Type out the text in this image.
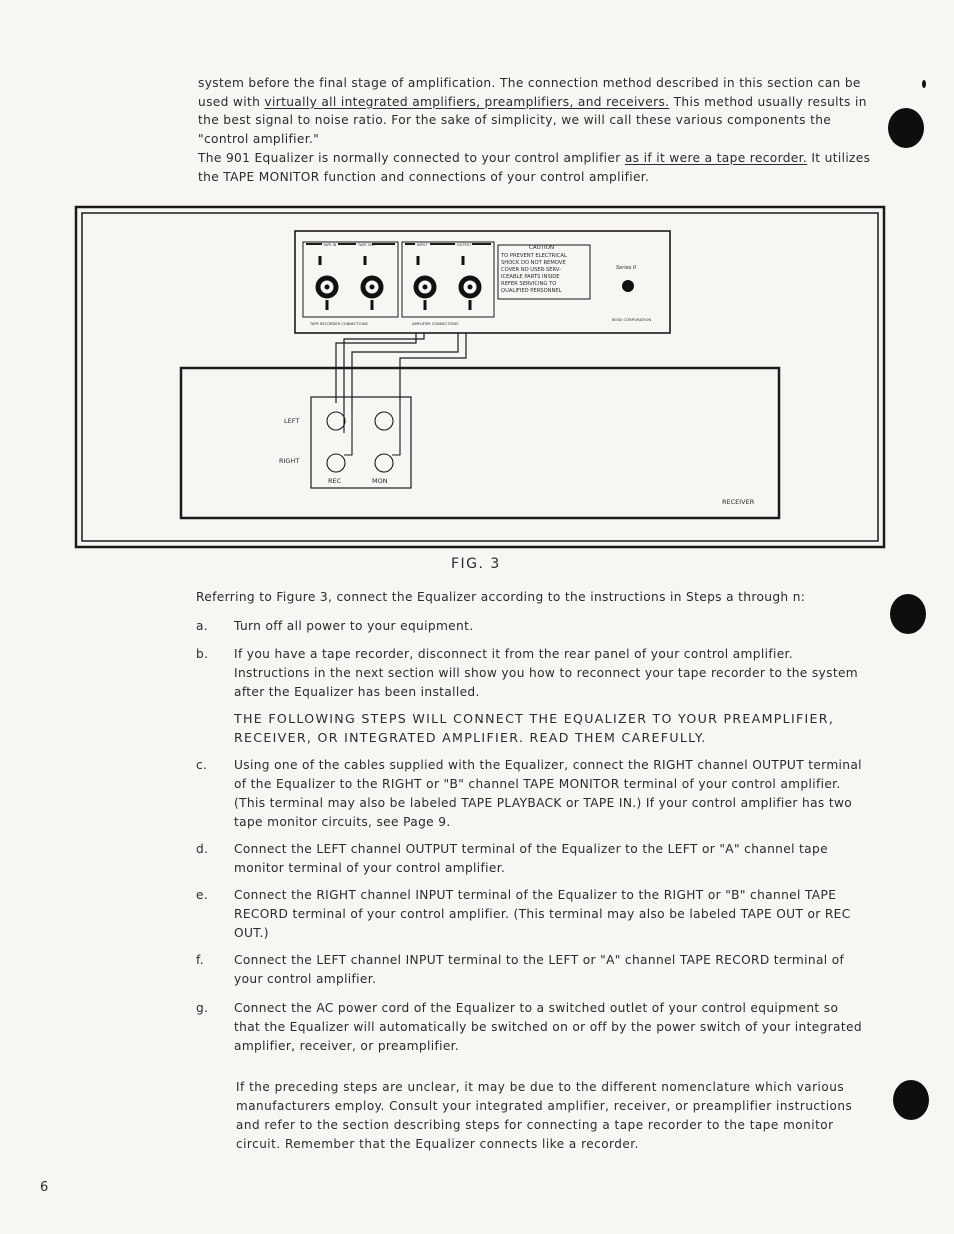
system before the final stage of amplification. The connection method described in this section can be used with virtually all integrated amplifiers, preamplifiers, and receivers. This method usually results in the best signal to noise ratio. For the sake of simplicity, we will call these various components the "control amplifier."

The 901 Equalizer is normally connected to your control amplifier as if it were a tape recorder. It utilizes the TAPE MONITOR function and connections of your control amplifier.

TAPE IN	TAPE OUT	INPUT	OUTPUT	CAUTION
TO PREVENT ELECTRICAL
SHOCK DO NOT REMOVE
COVER NO USER-SERV-
ICEABLE PARTS INSIDE
REFER SERVICING TO
QUALIFIED PERSONNEL
Series II
BOSE CORPORATION
TAPE RECORDER CONNECTIONS	AMPLIFIER CONNECTIONS
LEFT
RIGHT
REC	MON
RECEIVER
FIG. 3

Referring to Figure 3, connect the Equalizer according to the instructions in Steps a through n:

a. Turn off all power to your equipment.
b. If you have a tape recorder, disconnect it from the rear panel of your control amplifier. Instructions in the next section will show you how to reconnect your tape recorder to the system after the Equalizer has been installed.
THE FOLLOWING STEPS WILL CONNECT THE EQUALIZER TO YOUR PREAMPLIFIER, RECEIVER, OR INTEGRATED AMPLIFIER. READ THEM CAREFULLY.
c. Using one of the cables supplied with the Equalizer, connect the RIGHT channel OUTPUT terminal of the Equalizer to the RIGHT or "B" channel TAPE MONITOR terminal of your control amplifier. (This terminal may also be labeled TAPE PLAYBACK or TAPE IN.) If your control amplifier has two tape monitor circuits, see Page 9.
d. Connect the LEFT channel OUTPUT terminal of the Equalizer to the LEFT or "A" channel tape monitor terminal of your control amplifier.
e. Connect the RIGHT channel INPUT terminal of the Equalizer to the RIGHT or "B" channel TAPE RECORD terminal of your control amplifier. (This terminal may also be labeled TAPE OUT or REC OUT.)
f. Connect the LEFT channel INPUT terminal to the LEFT or "A" channel TAPE RECORD terminal of your control amplifier.
g. Connect the AC power cord of the Equalizer to a switched outlet of your control equipment so that the Equalizer will automatically be switched on or off by the power switch of your integrated amplifier, receiver, or preamplifier.

If the preceding steps are unclear, it may be due to the different nomenclature which various manufacturers employ. Consult your integrated amplifier, receiver, or preamplifier instructions and refer to the section describing steps for connecting a tape recorder to the tape monitor circuit. Remember that the Equalizer connects like a recorder.

6
